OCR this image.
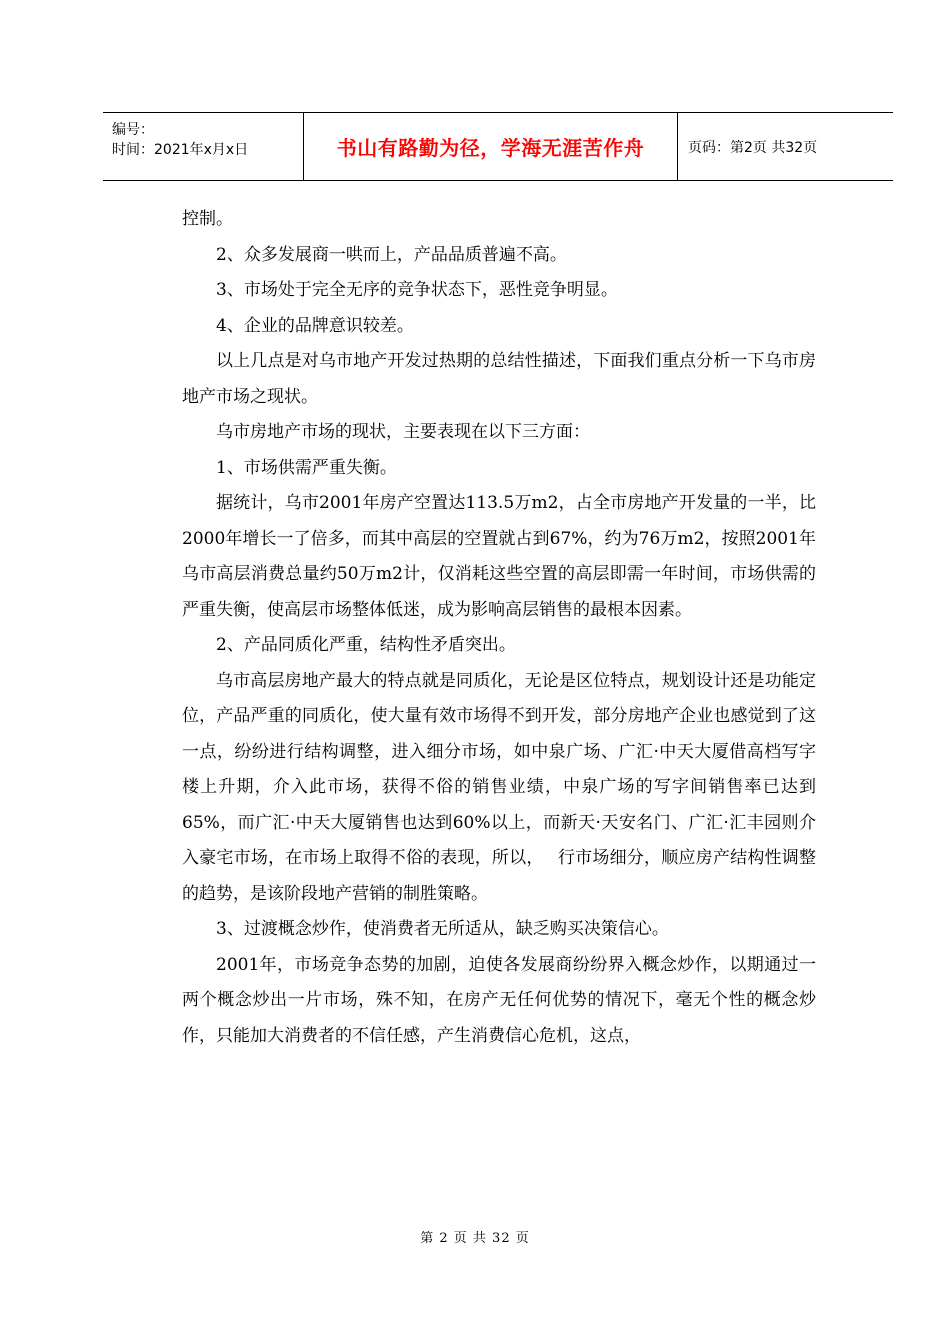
编号：
时间：2021年x月x日	书山有路勤为径，学海无涯苦作舟	页码：第2页 共32页

控制。

2、众多发展商一哄而上，产品品质普遍不高。

3、市场处于完全无序的竞争状态下，恶性竞争明显。

4、企业的品牌意识较差。

以上几点是对乌市地产开发过热期的总结性描述，下面我们重点分析一下乌市房地产市场之现状。

乌市房地产市场的现状，主要表现在以下三方面：

1、市场供需严重失衡。

据统计，乌市2001年房产空置达113.5万m2，占全市房地产开发量的一半，比2000年增长一了倍多，而其中高层的空置就占到67%，约为76万m2，按照2001年乌市高层消费总量约50万m2计，仅消耗这些空置的高层即需一年时间，市场供需的严重失衡，使高层市场整体低迷，成为影响高层销售的最根本因素。

2、产品同质化严重，结构性矛盾突出。

乌市高层房地产最大的特点就是同质化，无论是区位特点，规划设计还是功能定位，产品严重的同质化，使大量有效市场得不到开发，部分房地产企业也感觉到了这一点，纷纷进行结构调整，进入细分市场，如中泉广场、广汇·中天大厦借高档写字楼上升期，介入此市场，获得不俗的销售业绩，中泉广场的写字间销售率已达到65%，而广汇·中天大厦销售也达到60%以上，而新天·天安名门、广汇·汇丰园则介入豪宅市场，在市场上取得不俗的表现，所以，　 行市场细分，顺应房产结构性调整的趋势，是该阶段地产营销的制胜策略。

3、过渡概念炒作，使消费者无所适从，缺乏购买决策信心。

2001年，市场竞争态势的加剧，迫使各发展商纷纷界入概念炒作，以期通过一两个概念炒出一片市场，殊不知，在房产无任何优势的情况下，毫无个性的概念炒作，只能加大消费者的不信任感，产生消费信心危机，这点，

第 2 页 共 32 页
